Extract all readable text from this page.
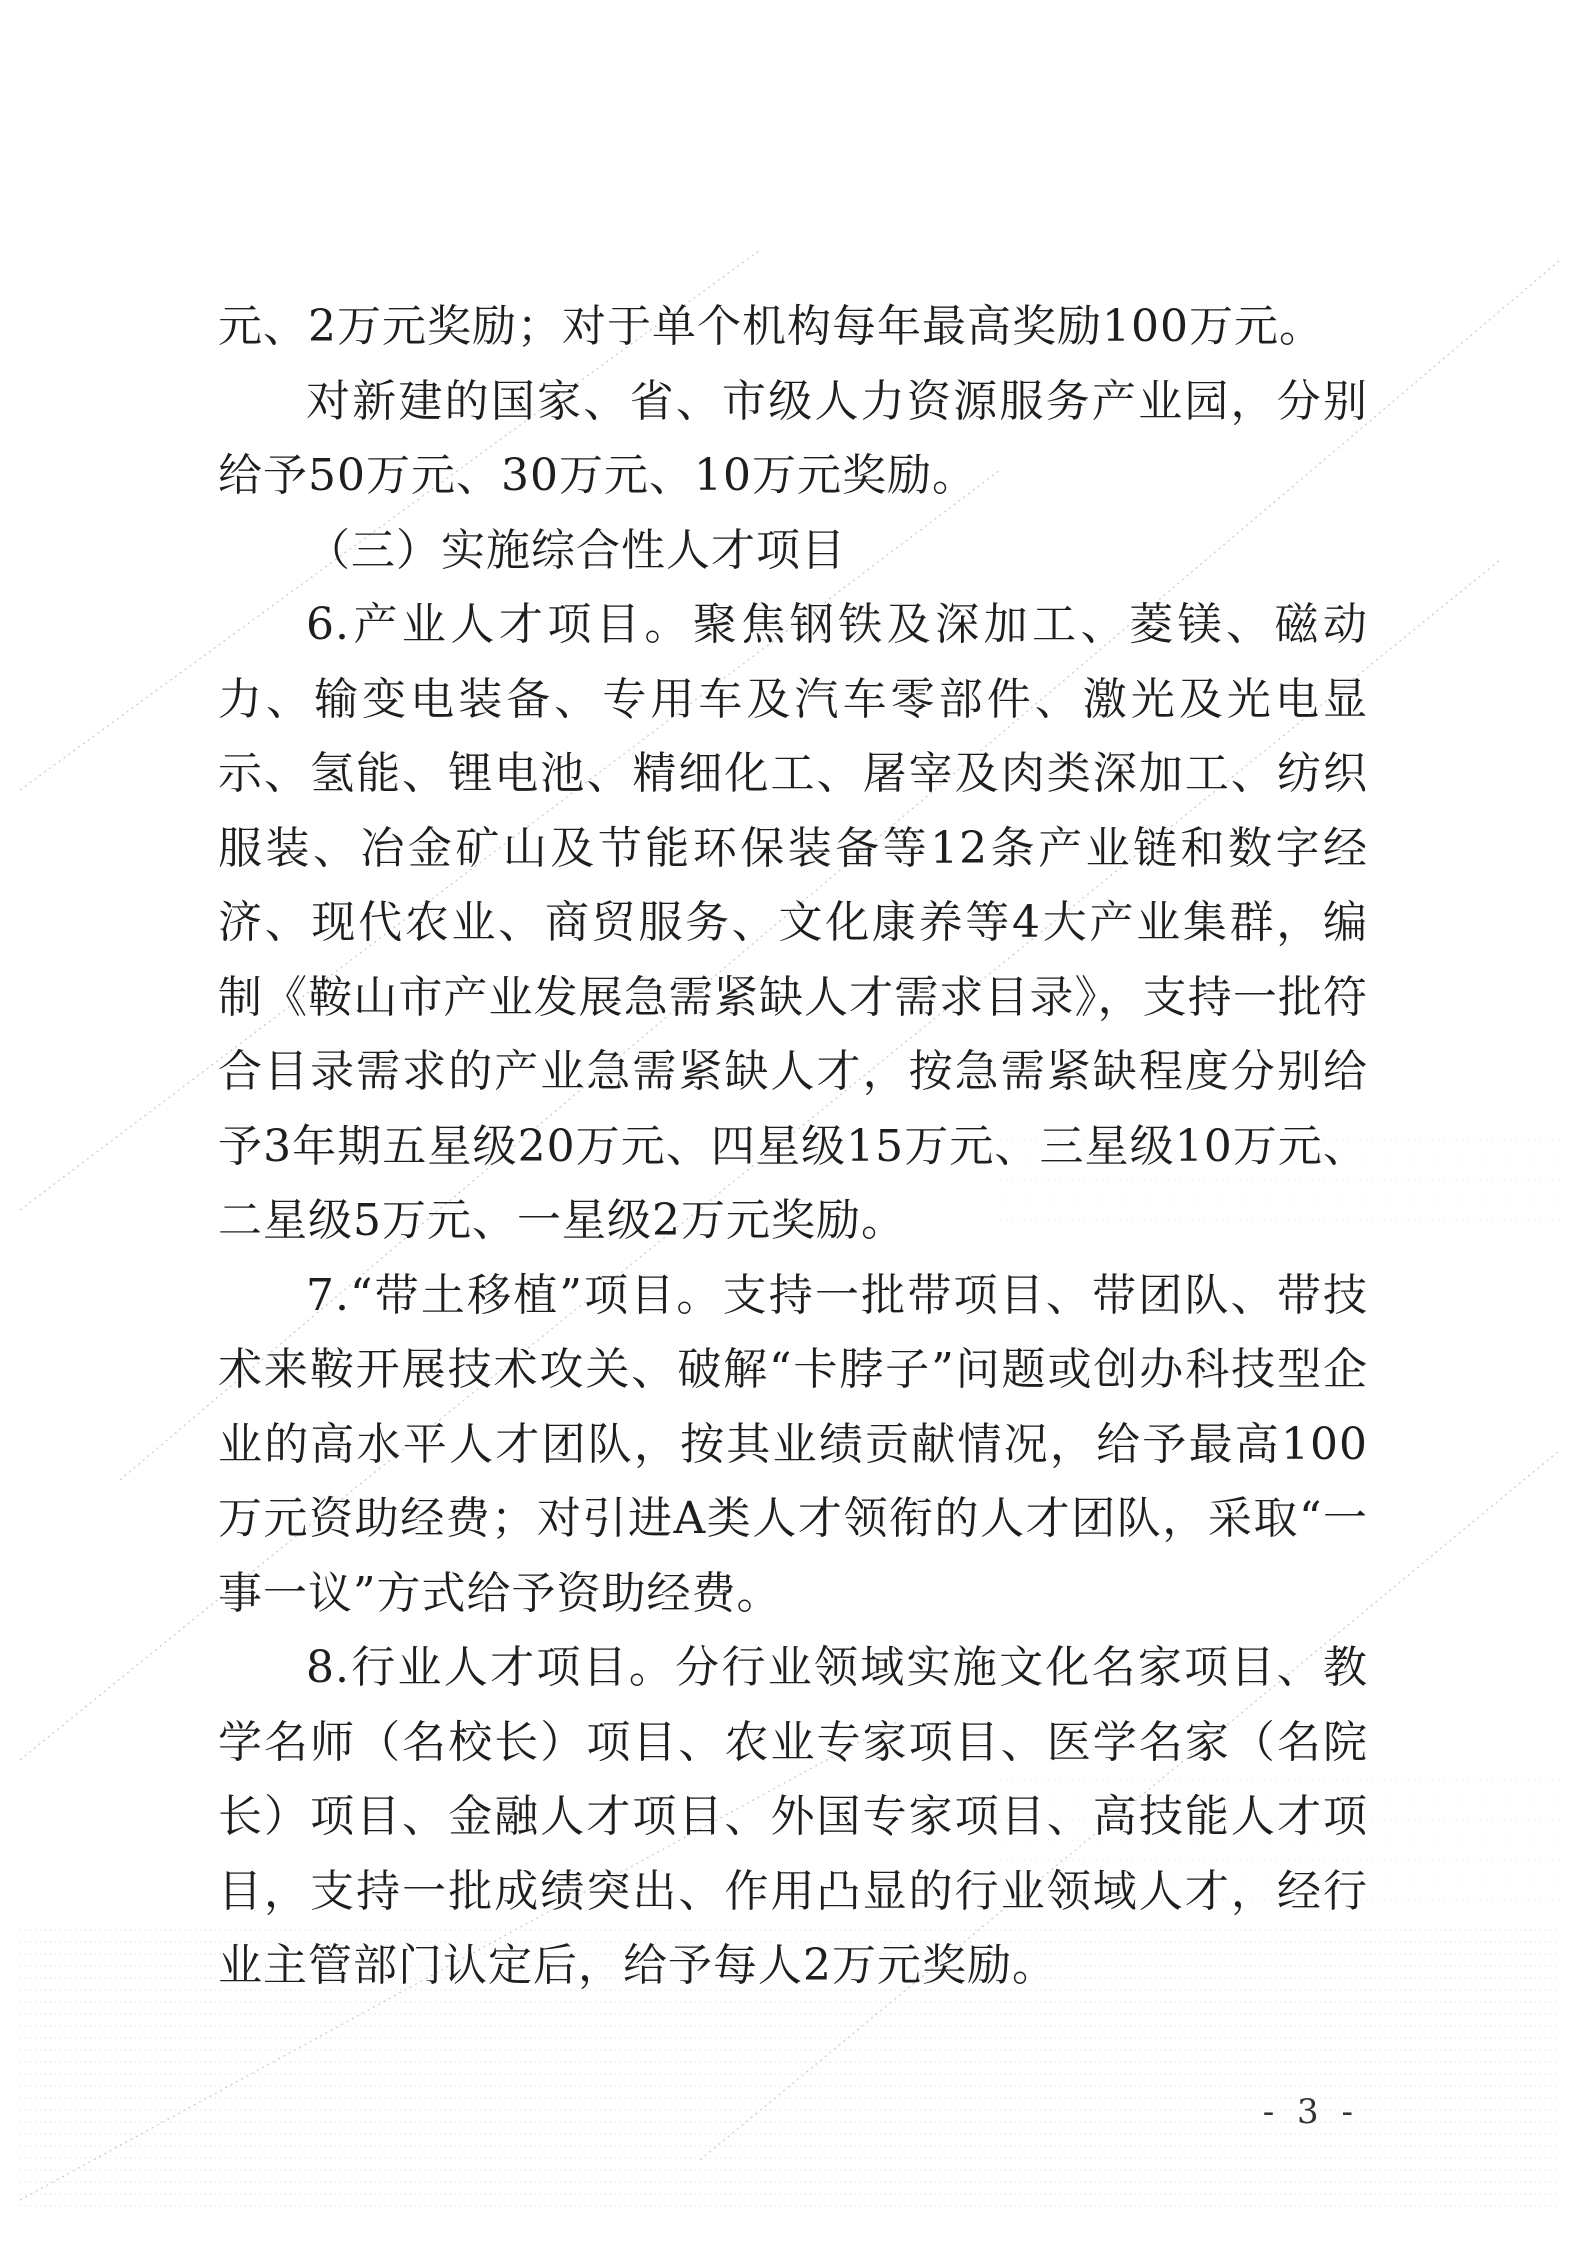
元、2万元奖励；对于单个机构每年最高奖励100万元。

对新建的国家、省、市级人力资源服务产业园，分别给予50万元、30万元、10万元奖励。

（三）实施综合性人才项目

6.产业人才项目。聚焦钢铁及深加工、菱镁、磁动力、输变电装备、专用车及汽车零部件、激光及光电显示、氢能、锂电池、精细化工、屠宰及肉类深加工、纺织服装、冶金矿山及节能环保装备等12条产业链和数字经济、现代农业、商贸服务、文化康养等4大产业集群，编制《鞍山市产业发展急需紧缺人才需求目录》，支持一批符合目录需求的产业急需紧缺人才，按急需紧缺程度分别给予3年期五星级20万元、四星级15万元、三星级10万元、二星级5万元、一星级2万元奖励。

7.“带土移植”项目。支持一批带项目、带团队、带技术来鞍开展技术攻关、破解“卡脖子”问题或创办科技型企业的高水平人才团队，按其业绩贡献情况，给予最高100万元资助经费；对引进A类人才领衔的人才团队，采取“一事一议”方式给予资助经费。

8.行业人才项目。分行业领域实施文化名家项目、教学名师（名校长）项目、农业专家项目、医学名家（名院长）项目、金融人才项目、外国专家项目、高技能人才项目，支持一批成绩突出、作用凸显的行业领域人才，经行业主管部门认定后，给予每人2万元奖励。

- 3 -
